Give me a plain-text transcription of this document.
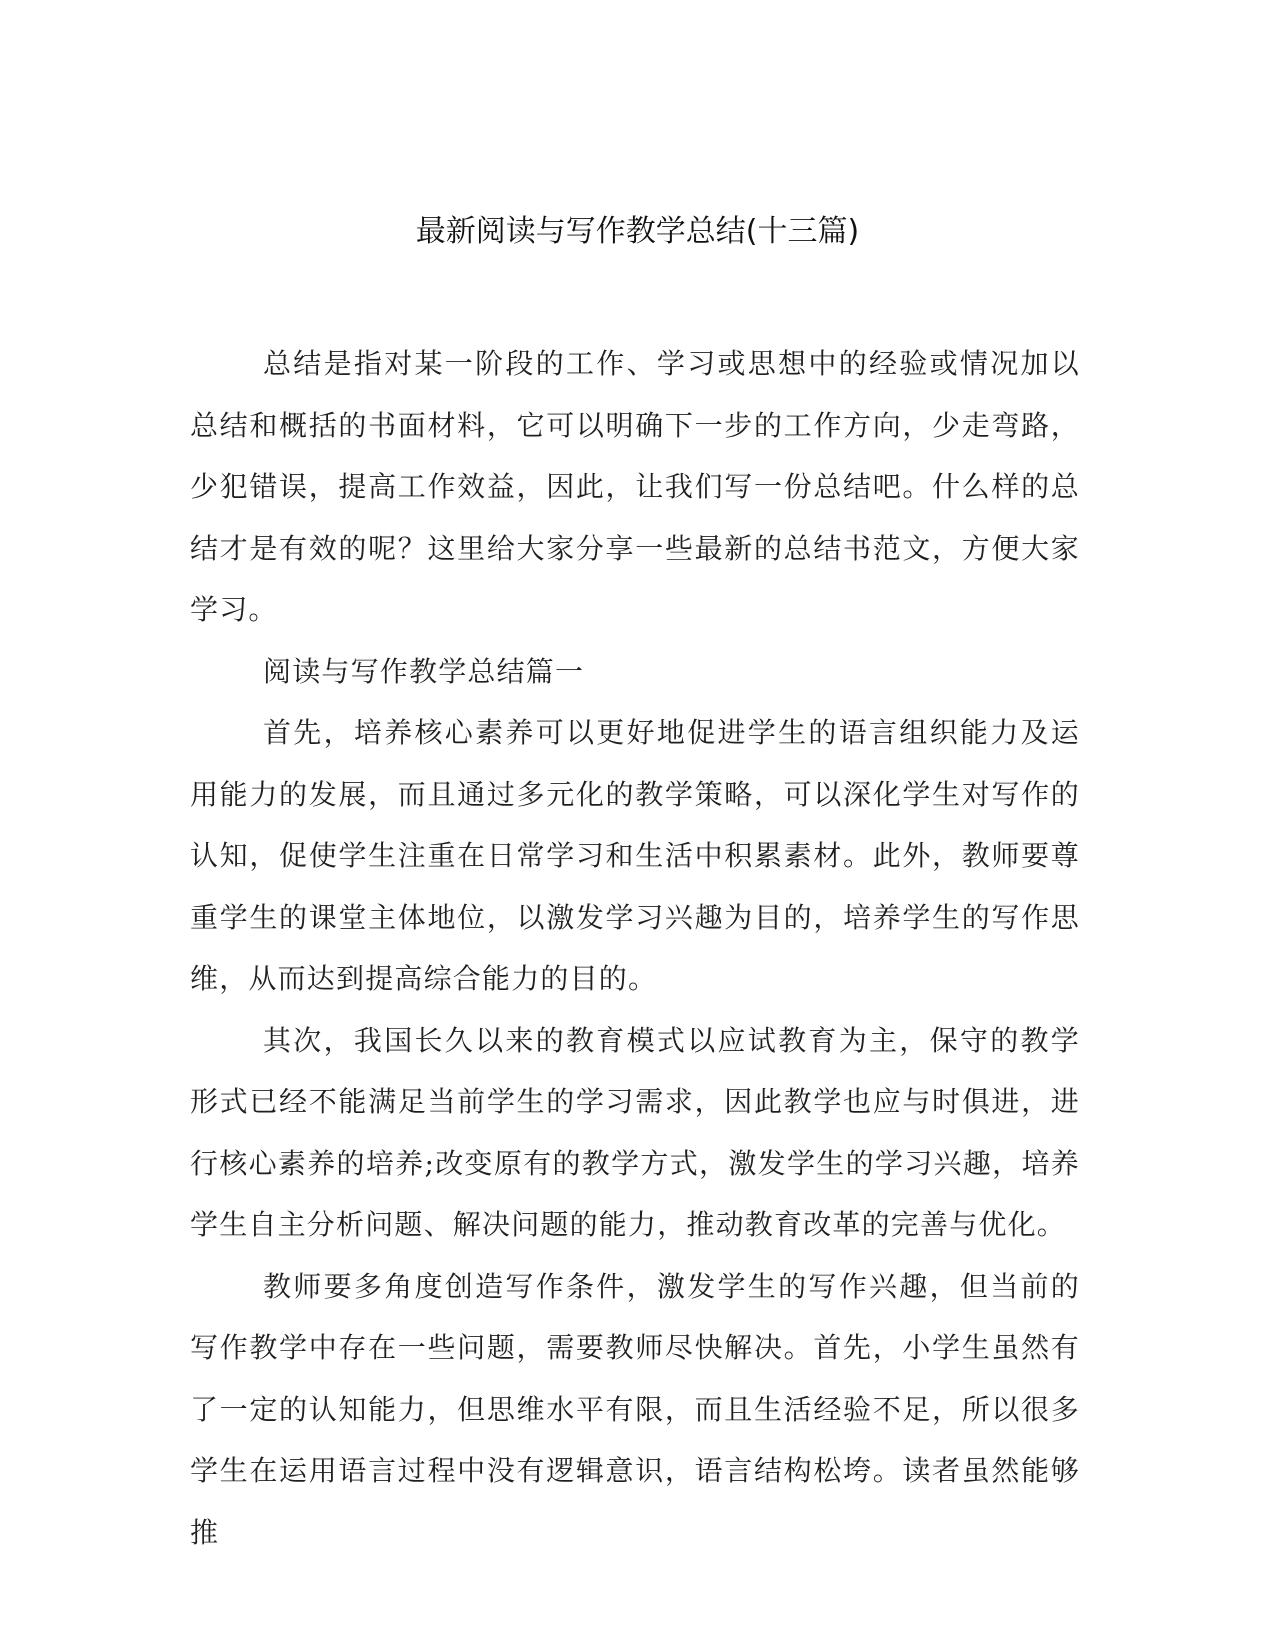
最新阅读与写作教学总结(十三篇)

总结是指对某一阶段的工作、学习或思想中的经验或情况加以总结和概括的书面材料，它可以明确下一步的工作方向，少走弯路，少犯错误，提高工作效益，因此，让我们写一份总结吧。什么样的总结才是有效的呢？这里给大家分享一些最新的总结书范文，方便大家学习。

阅读与写作教学总结篇一

首先，培养核心素养可以更好地促进学生的语言组织能力及运用能力的发展，而且通过多元化的教学策略，可以深化学生对写作的认知，促使学生注重在日常学习和生活中积累素材。此外，教师要尊重学生的课堂主体地位，以激发学习兴趣为目的，培养学生的写作思维，从而达到提高综合能力的目的。

其次，我国长久以来的教育模式以应试教育为主，保守的教学形式已经不能满足当前学生的学习需求，因此教学也应与时俱进，进行核心素养的培养;改变原有的教学方式，激发学生的学习兴趣，培养学生自主分析问题、解决问题的能力，推动教育改革的完善与优化。

教师要多角度创造写作条件，激发学生的写作兴趣，但当前的写作教学中存在一些问题，需要教师尽快解决。首先，小学生虽然有了一定的认知能力，但思维水平有限，而且生活经验不足，所以很多学生在运用语言过程中没有逻辑意识，语言结构松垮。读者虽然能够推
